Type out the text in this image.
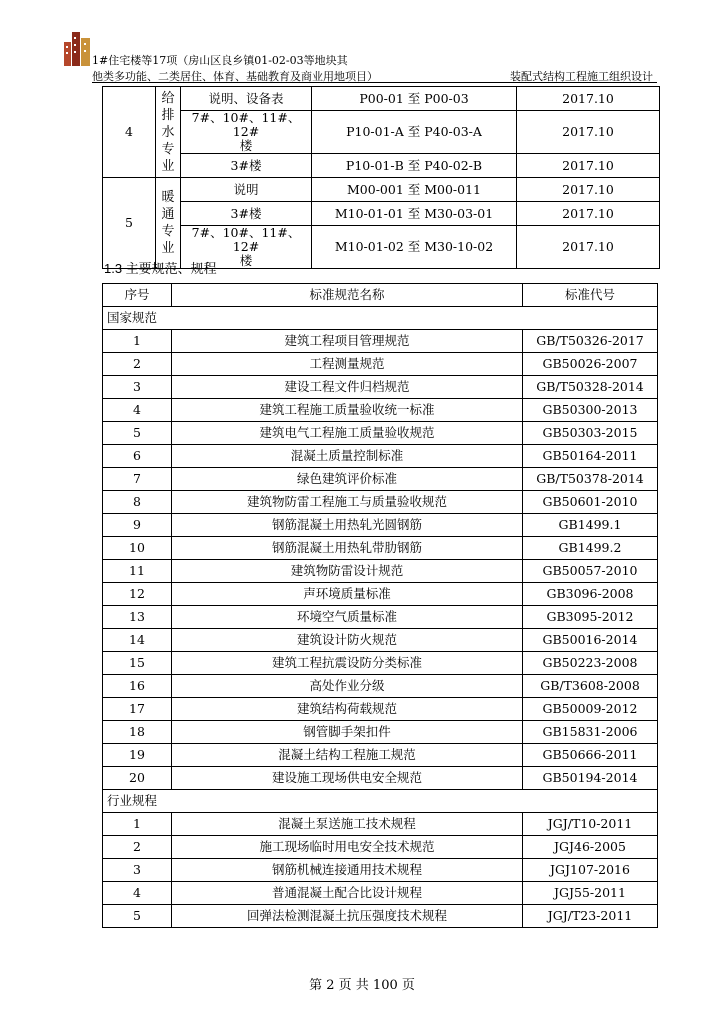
1#住宅楼等17项（房山区良乡镇01-02-03等地块其
他类多功能、二类居住、体育、基础教育及商业用地项目）	装配式结构工程施工组织设计
4	给
排
水
专
业	说明、设备表	P00-01 至 P00-03	2017.10
		7#、10#、11#、12#
楼	P10-01-A 至 P40-03-A	2017.10
		3#楼	P10-01-B 至 P40-02-B	2017.10
5	暖
通
专
业	说明	M00-001 至 M00-011	2017.10
		3#楼	M10-01-01 至 M30-03-01	2017.10
		7#、10#、11#、12#
楼	M10-01-02 至 M30-10-02	2017.10
1.3 主要规范、规程
序号	标准规范名称	标准代号
国家规范		
1	建筑工程项目管理规范	GB/T50326-2017
2	工程测量规范	GB50026-2007
3	建设工程文件归档规范	GB/T50328-2014
4	建筑工程施工质量验收统一标准	GB50300-2013
5	建筑电气工程施工质量验收规范	GB50303-2015
6	混凝土质量控制标准	GB50164-2011
7	绿色建筑评价标准	GB/T50378-2014
8	建筑物防雷工程施工与质量验收规范	GB50601-2010
9	钢筋混凝土用热轧光圆钢筋	GB1499.1
10	钢筋混凝土用热轧带肋钢筋	GB1499.2
11	建筑物防雷设计规范	GB50057-2010
12	声环境质量标准	GB3096-2008
13	环境空气质量标准	GB3095-2012
14	建筑设计防火规范	GB50016-2014
15	建筑工程抗震设防分类标准	GB50223-2008
16	高处作业分级	GB/T3608-2008
17	建筑结构荷载规范	GB50009-2012
18	钢管脚手架扣件	GB15831-2006
19	混凝土结构工程施工规范	GB50666-2011
20	建设施工现场供电安全规范	GB50194-2014
行业规程		
1	混凝土泵送施工技术规程	JGJ/T10-2011
2	施工现场临时用电安全技术规范	JGJ46-2005
3	钢筋机械连接通用技术规程	JGJ107-2016
4	普通混凝土配合比设计规程	JGJ55-2011
5	回弹法检测混凝土抗压强度技术规程	JGJ/T23-2011
第 2 页 共 100 页
